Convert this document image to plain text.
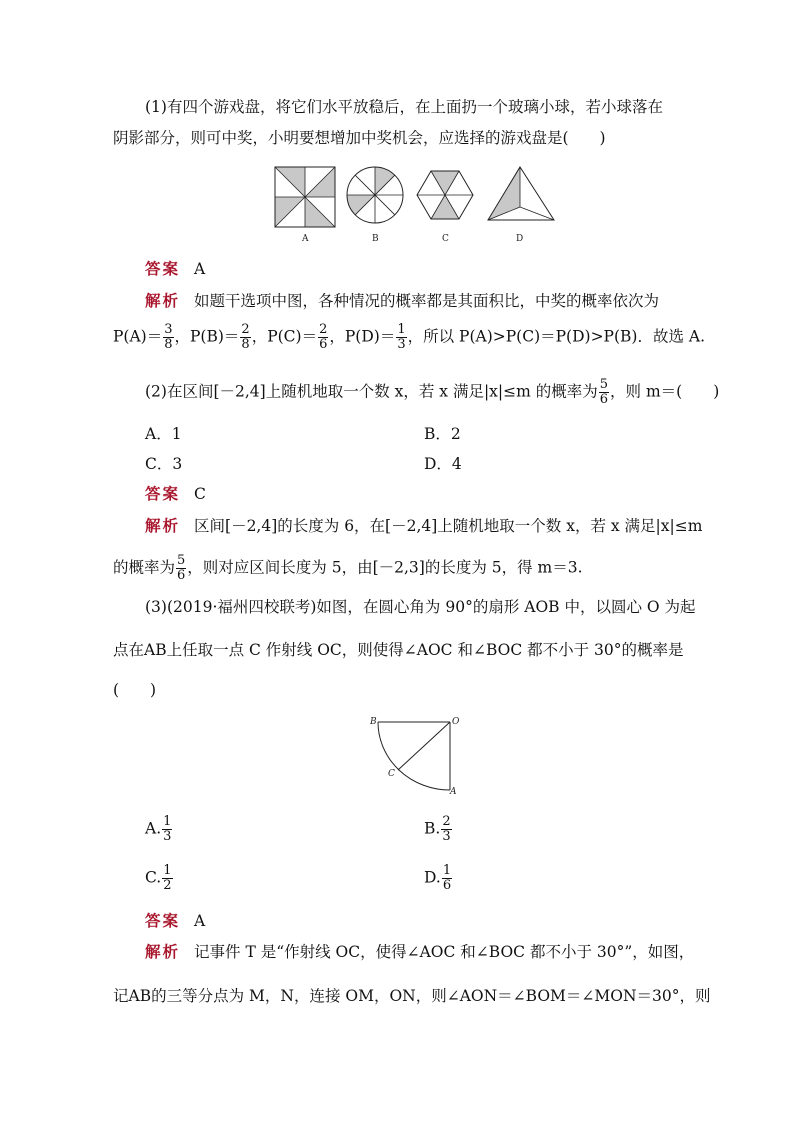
(1)有四个游戏盘，将它们水平放稳后，在上面扔一个玻璃小球，若小球落在
阴影部分，则可中奖，小明要想增加中奖机会，应选择的游戏盘是(　　)
A	B	C	D
答案 A
解析 如题干选项中图，各种情况的概率都是其面积比，中奖的概率依次为
$P(A)= \frac{3}{8}$ ，$P(B)= \frac{2}{8}$ ，$P(C)= \frac{2}{6}$ ，$P(D)= \frac{1}{3}$ ，所以 P(A)>P(C)＝P(D)>P(B)．故选 A.
(2)在区间[－2,4]上随机地取一个数 x，若 x 满足|x|≤m 的概率为 $\frac{5}{6}$ ，则 m＝(　　)
A．1	B．2
C．3	D．4
答案 C
解析 区间[－2,4]的长度为 6，在[－2,4]上随机地取一个数 x，若 x 满足|x|≤m
的概率为 $\frac{5}{6}$ ，则对应区间长度为 5，由[－2,3]的长度为 5，得 m＝3.
(3)(2019·福州四校联考)如图，在圆心角为 90°的扇形 AOB 中，以圆心 O 为起
点在AB上任取一点 C 作射线 OC，则使得∠AOC 和∠BOC 都不小于 30°的概率是
(　　)
B	O
C
A
A. $\frac{1}{3}$	B. $\frac{2}{3}$
C. $\frac{1}{2}$	D. $\frac{1}{6}$
答案 A
解析 记事件 T 是“作射线 OC，使得∠AOC 和∠BOC 都不小于 30°”，如图，
记AB的三等分点为 M，N，连接 OM，ON，则∠AON＝∠BOM＝∠MON＝30°，则
